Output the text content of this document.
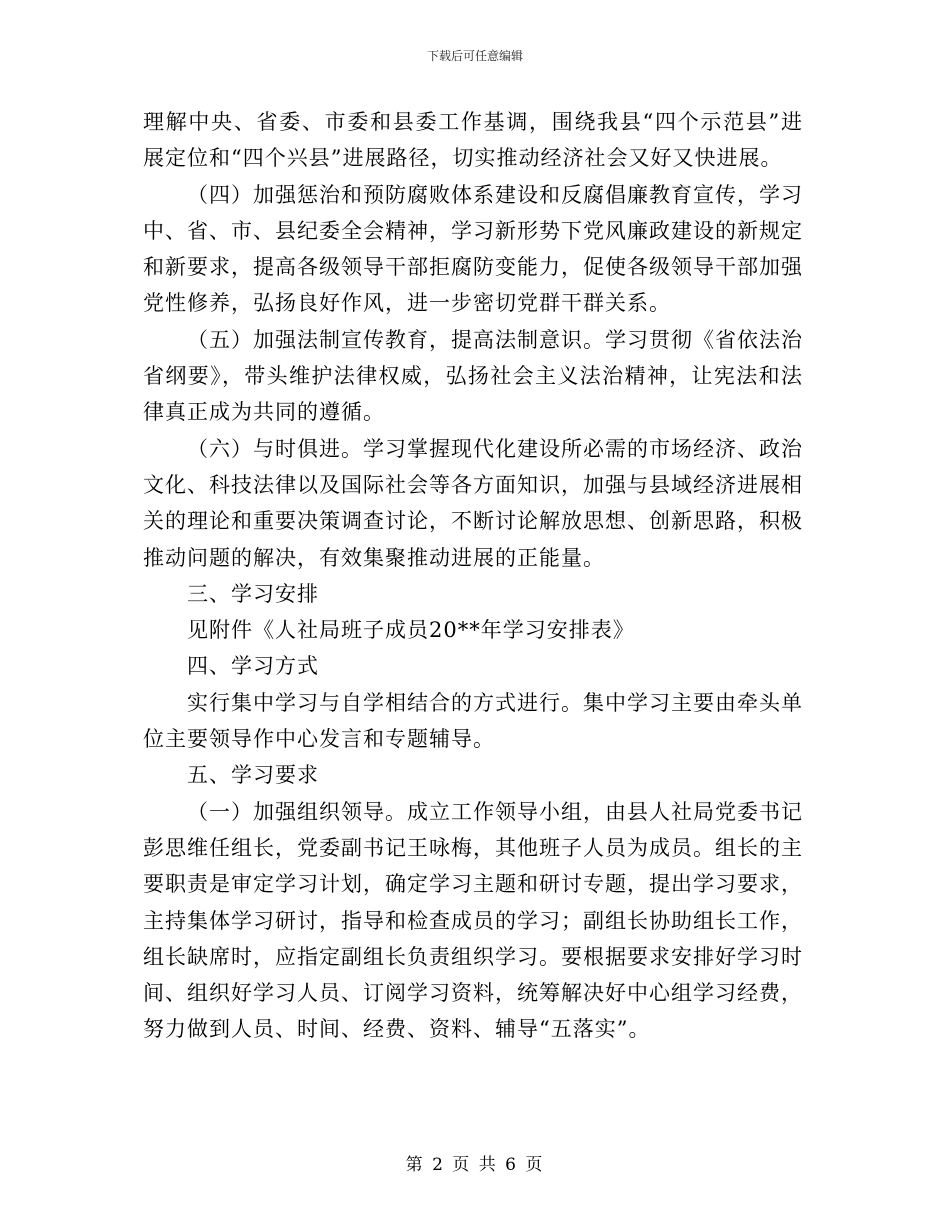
下载后可任意编辑

理解中央、省委、市委和县委工作基调，围绕我县“四个示范县”进展定位和“四个兴县”进展路径，切实推动经济社会又好又快进展。

（四）加强惩治和预防腐败体系建设和反腐倡廉教育宣传，学习中、省、市、县纪委全会精神，学习新形势下党风廉政建设的新规定和新要求，提高各级领导干部拒腐防变能力，促使各级领导干部加强党性修养，弘扬良好作风，进一步密切党群干群关系。

（五）加强法制宣传教育，提高法制意识。学习贯彻《省依法治省纲要》，带头维护法律权威，弘扬社会主义法治精神，让宪法和法律真正成为共同的遵循。

（六）与时俱进。学习掌握现代化建设所必需的市场经济、政治文化、科技法律以及国际社会等各方面知识，加强与县域经济进展相关的理论和重要决策调查讨论，不断讨论解放思想、创新思路，积极推动问题的解决，有效集聚推动进展的正能量。

三、学习安排

见附件《人社局班子成员20**年学习安排表》

四、学习方式

实行集中学习与自学相结合的方式进行。集中学习主要由牵头单位主要领导作中心发言和专题辅导。

五、学习要求

（一）加强组织领导。成立工作领导小组，由县人社局党委书记彭思维任组长，党委副书记王咏梅，其他班子人员为成员。组长的主要职责是审定学习计划，确定学习主题和研讨专题，提出学习要求，主持集体学习研讨，指导和检查成员的学习；副组长协助组长工作，组长缺席时，应指定副组长负责组织学习。要根据要求安排好学习时间、组织好学习人员、订阅学习资料，统筹解决好中心组学习经费，努力做到人员、时间、经费、资料、辅导“五落实”。

第 2 页 共 6 页
